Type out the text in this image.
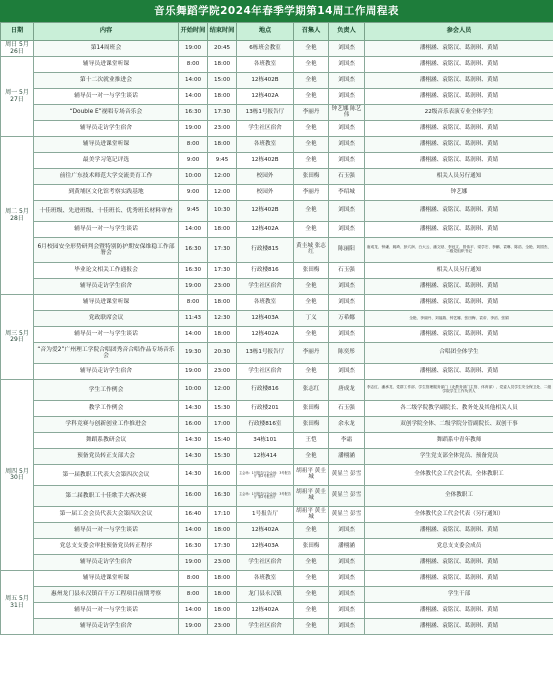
音乐舞蹈学院2024年春季学期第14周工作周程表
日期	内容	开始时间	结束时间	地点	召集人	负责人	参会人员
周日 5月26日	第14周班会	19:00	20:45	6栋班会教室	全艳	刘国杰	潘栩涵、袁铭汉、葛润琪、黄婧
周一 5月27日	辅导员进课堂听课	8:00	18:00	各班教室	全艳	刘国杰	潘栩涵、袁铭汉、葛润琪、黄婧
	第十二次就业推进会	14:00	15:00	12栋402B	全艳	刘国杰	潘栩涵、袁铭汉、葛润琪、黄婧
	辅导员一对一与学生谈话	14:00	18:00	12栋402A	全艳	刘国杰	潘栩涵、袁铭汉、葛润琪、黄婧
	“Double E”视唱专场音乐会	16:30	17:30	13栋1号报告厅	李丽丹	钟艺娜 陈艺伟	22级音乐表演专业全体学生
	辅导员走访学生宿舍	19:00	23:00	学生社区宿舍	全艳	刘国杰	潘栩涵、袁铭汉、葛润琪、黄婧
周二 5月28日	辅导员进课堂听课	8:00	18:00	各班教室	全艳	刘国杰	潘栩涵、袁铭汉、葛润琪、黄婧
	最美学习笔记评选	9:00	9:45	12栋402B	全艳	刘国杰	潘栩涵、袁铭汉、葛润琪、黄婧
	前往广东技术师范大学交流美育工作	10:00	12:00	校园外	张田梅	石玉强	相关人员另行通知
	到黄埔区文化馆考察实践基地	9:00	12:00	校园外	李丽丹	李绍城	钟艺娜
	十佳班级、先进班级、十佳班长、优秀班长材料审查	9:45	10:30	12栋402B	全艳	刘国杰	潘栩涵、袁铭汉、葛润琪、黄婧
	辅导员一对一与学生谈话	14:00	18:00	12栋402A	全艳	刘国杰	潘栩涵、袁铭汉、葛润琪、黄婧
	6月校园安全形势研判会暨特别防护期安保维稳工作部署会	16:30	17:30	行政楼815	黄圭城 张志红	陈丽阳	唐成龙、钟谦、姚琦、彭穴润、白大云、潘文财、李冠文、曾伟平、梁学宏、李鹏、袁琳、陈浩、全艳、刘国杰、二级党组织书记
	毕业论文相关工作通报会	16:30	17:30	行政楼816	张田梅	石玉强	相关人员另行通知
	辅导员走访学生宿舍	19:00	23:00	学生社区宿舍	全艳	刘国杰	潘栩涵、袁铭汉、葛润琪、黄婧
周三 5月29日	辅导员进课堂听课	8:00	18:00	各班教室	全艳	刘国杰	潘栩涵、袁铭汉、葛润琪、黄婧
	党政联席会议	11:43	12:30	12栋403A	丁义	万希娜	全艳、李丽丹、刘福瑞、钟艺娜、张田梅、袁帝、李滔、张娟
	辅导员一对一与学生谈话	14:00	18:00	12栋402A	全艳	刘国杰	潘栩涵、袁铭汉、葛润琪、黄婧
	“音为爱2”广州理工学院合唱团秀音合唱作品专场音乐会	19:30	20:30	13栋1号报告厅	李丽丹	陈奕彤	合唱团全体学生
	辅导员走访学生宿舍	19:00	23:00	学生社区宿舍	全艳	刘国杰	潘栩涵、袁铭汉、葛润琪、黄婧
周四 5月30日	学生工作例会	10:00	12:00	行政楼816	张志红	唐成龙	李志红、潘承龙、党群工作部、学生管理服务部门（北教务部门主管、体育部）、党委人员学生安全保卫处、二级学院学生工作负责人
	教学工作例会	14:30	15:30	行政楼201	张田梅	石玉强	各二级学院教学副院长、教务处及其他相关人员
	学科竞赛与创新创业工作推进会	16:00	17:00	行政楼816室	张田梅	余永龙	双创学院全体、二级学院分管副院长、双创干事
	舞蹈系教研会议	14:30	15:40	34栋101	王恺	李霜	舞蹈系中青年教师
	预备党员转正支部大会	14:30	15:30	12栋414	全艳	潘栩涵	学生党支部全体党员、预备党员
	第一届教职工代表大会第四次会议	14:30	16:00	主会场：1号报告厅分会场：3号报告厅 第2号报告厅	胡祖平 黄圭城	黄显兰 彭雪	全体教代会工代会代表，全体教职工
	第二届教职工十佳歌手大赛决赛	16:00	16:30	主会场：1号报告厅分会场：3号报告厅 第2号报告厅	胡祖平 黄圭城	黄显兰 彭雪	全体教职工
	第一届工会会员代表大会第四次会议	16:40	17:10	1号报告厅	胡祖平 黄圭城	黄显兰 彭雪	全体教代会工代会代表（另行通知）
	辅导员一对一与学生谈话	14:00	18:00	12栋402A	全艳	刘国杰	潘栩涵、袁铭汉、葛润琪、黄婧
	党总支支委会审批预备党员转正程序	16:30	17:30	12栋403A	张田梅	潘栩涵	党总支支委会成员
	辅导员走访学生宿舍	19:00	23:00	学生社区宿舍	全艳	刘国杰	潘栩涵、袁铭汉、葛润琪、黄婧
周五 5月31日	辅导员进课堂听课	8:00	18:00	各班教室	全艳	刘国杰	潘栩涵、袁铭汉、葛润琪、黄婧
	惠州龙门县永汉镇百千万工程项目前期考察	8:00	18:00	龙门县永汉镇	全艳	刘国杰	学生干部
	辅导员一对一与学生谈话	14:00	18:00	12栋402A	全艳	刘国杰	潘栩涵、袁铭汉、葛润琪、黄婧
	辅导员走访学生宿舍	19:00	23:00	学生社区宿舍	全艳	刘国杰	潘栩涵、袁铭汉、葛润琪、黄婧
